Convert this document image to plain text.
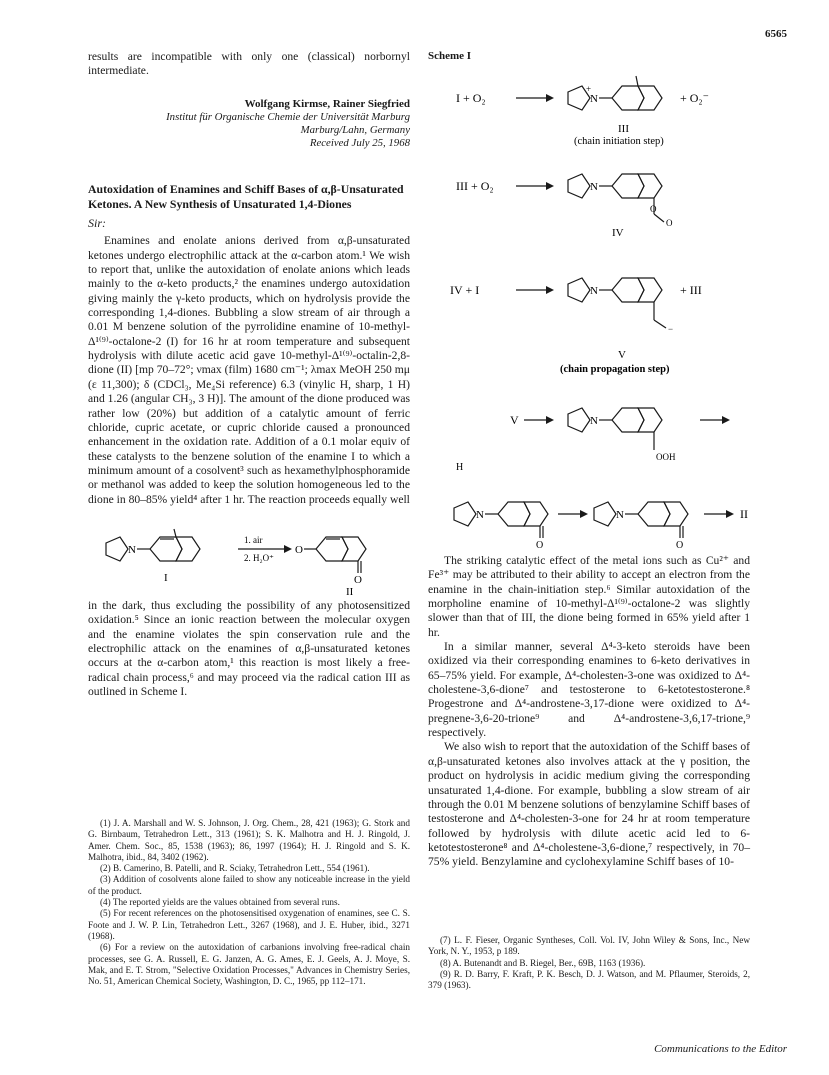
6565

results are incompatible with only one (classical) norbornyl intermediate.

Wolfgang Kirmse, Rainer Siegfried
Institut für Organische Chemie der Universität Marburg
Marburg/Lahn, Germany
Received July 25, 1968
Autoxidation of Enamines and Schiff Bases of α,β-Unsaturated Ketones. A New Synthesis of Unsaturated 1,4-Diones
Sir:

Enamines and enolate anions derived from α,β-unsaturated ketones undergo electrophilic attack at the α-carbon atom.¹ We wish to report that, unlike the autoxidation of enolate anions which leads mainly to the α-keto products,² the enamines undergo autoxidation giving mainly the γ-keto products, which on hydrolysis provide the corresponding 1,4-diones. Bubbling a slow stream of air through a 0.01 M benzene solution of the pyrrolidine enamine of 10-methyl-Δ¹⁽⁹⁾-octalone-2 (I) for 16 hr at room temperature and subsequent hydrolysis with dilute acetic acid gave 10-methyl-Δ¹⁽⁹⁾-octalin-2,8-dione (II) [mp 70–72°; νmax (film) 1680 cm⁻¹; λmax MeOH 250 mμ (ε 11,300); δ (CDCl₃, Me₄Si reference) 6.3 (vinylic H, sharp, 1 H) and 1.26 (angular CH₃, 3 H)]. The amount of the dione produced was rather low (20%) but addition of a catalytic amount of ferric chloride, cupric acetate, or cupric chloride caused a pronounced enhancement in the oxidation rate. Addition of a 0.1 molar equiv of these catalysts to the benzene solution of the enamine I to which a minimum amount of a cosolvent³ such as hexamethylphosphoramide or methanol was added to keep the solution homogeneous led to the dione in 80–85% yield⁴ after 1 hr. The reaction proceeds equally well

N
I
1. air
2. H₂O⁺
O
O
II

in the dark, thus excluding the possibility of any photosensitized oxidation.⁵ Since an ionic reaction between the molecular oxygen and the enamine violates the spin conservation rule and the electrophilic attack on the enamines of α,β-unsaturated ketones occurs at the α-carbon atom,¹ this reaction is most likely a free-radical chain process,⁶ and may proceed via the radical cation III as outlined in Scheme I.

(1) J. A. Marshall and W. S. Johnson, J. Org. Chem., 28, 421 (1963); G. Stork and G. Birnbaum, Tetrahedron Lett., 313 (1961); S. K. Malhotra and H. J. Ringold, J. Amer. Chem. Soc., 85, 1538 (1963); 86, 1997 (1964); H. J. Ringold and S. K. Malhotra, ibid., 84, 3402 (1962).

(2) B. Camerino, B. Patelli, and R. Sciaky, Tetrahedron Lett., 554 (1961).

(3) Addition of cosolvents alone failed to show any noticeable increase in the yield of the product.

(4) The reported yields are the values obtained from several runs.

(5) For recent references on the photosensitised oxygenation of enamines, see C. S. Foote and J. W. P. Lin, Tetrahedron Lett., 3267 (1968), and J. E. Huber, ibid., 3271 (1968).

(6) For a review on the autoxidation of carbanions involving free-radical chain processes, see G. A. Russell, E. G. Janzen, A. G. Ames, E. J. Geels, A. J. Moye, S. Mak, and E. T. Strom, "Selective Oxidation Processes," Advances in Chemistry Series, No. 51, American Chemical Society, Washington, D. C., 1965, pp 112–171.

Scheme I
I + O₂	N
+
+ O₂⁻
III
(chain initiation step)
III + O₂	N
O
O
IV
IV + I	N
−
+ III
V
(chain propagation step)
V	N
OOH
H
N
O
N
O
II

The striking catalytic effect of the metal ions such as Cu²⁺ and Fe³⁺ may be attributed to their ability to accept an electron from the enamine in the chain-initiation step.⁶ Similar autoxidation of the morpholine enamine of 10-methyl-Δ¹⁽⁹⁾-octalone-2 was slightly slower than that of III, the dione being formed in 65% yield after 1 hr.

In a similar manner, several Δ⁴-3-keto steroids have been oxidized via their corresponding enamines to 6-keto derivatives in 65–75% yield. For example, Δ⁴-cholesten-3-one was oxidized to Δ⁴-cholestene-3,6-dione⁷ and testosterone to 6-ketotestosterone.⁸ Progestrone and Δ⁴-androstene-3,17-dione were oxidized to Δ⁴-pregnene-3,6-20-trione⁹ and Δ⁴-androstene-3,6,17-trione,⁹ respectively.

We also wish to report that the autoxidation of the Schiff bases of α,β-unsaturated ketones also involves attack at the γ position, the product on hydrolysis in acidic medium giving the corresponding unsaturated 1,4-dione. For example, bubbling a slow stream of air through the 0.01 M benzene solutions of benzylamine Schiff bases of testosterone and Δ⁴-cholesten-3-one for 24 hr at room temperature followed by hydrolysis with dilute acetic acid led to 6-ketotestosterone⁸ and Δ⁴-cholestene-3,6-dione,⁷ respectively, in 70–75% yield. Benzylamine and cyclohexylamine Schiff bases of 10-

(7) L. F. Fieser, Organic Syntheses, Coll. Vol. IV, John Wiley & Sons, Inc., New York, N. Y., 1953, p 189.

(8) A. Butenandt and B. Riegel, Ber., 69B, 1163 (1936).

(9) R. D. Barry, F. Kraft, P. K. Besch, D. J. Watson, and M. Pflaumer, Steroids, 2, 379 (1963).

Communications to the Editor
